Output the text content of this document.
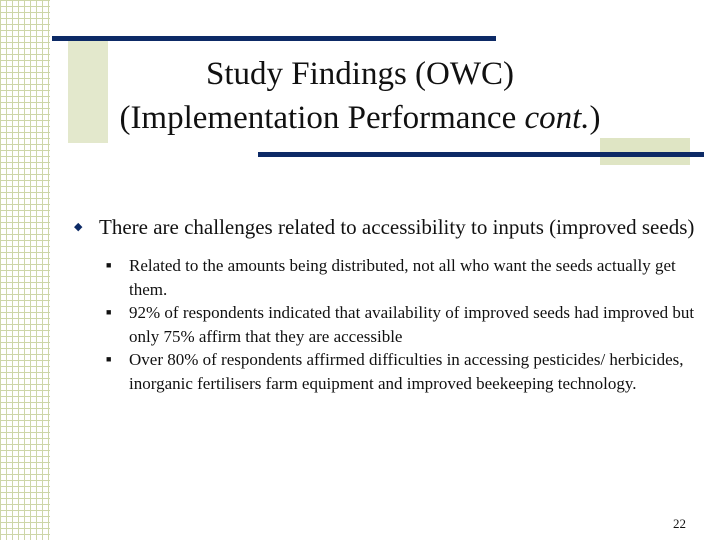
Study Findings (OWC)
(Implementation Performance cont.)
◆ There are challenges related to accessibility to inputs (improved seeds)
■ Related to the amounts being distributed, not all who want the seeds actually get them.
■ 92% of respondents indicated that availability of improved seeds had improved but only 75% affirm that they are accessible
■ Over 80% of respondents affirmed difficulties in accessing pesticides/ herbicides, inorganic fertilisers farm equipment and improved beekeeping technology.
22
